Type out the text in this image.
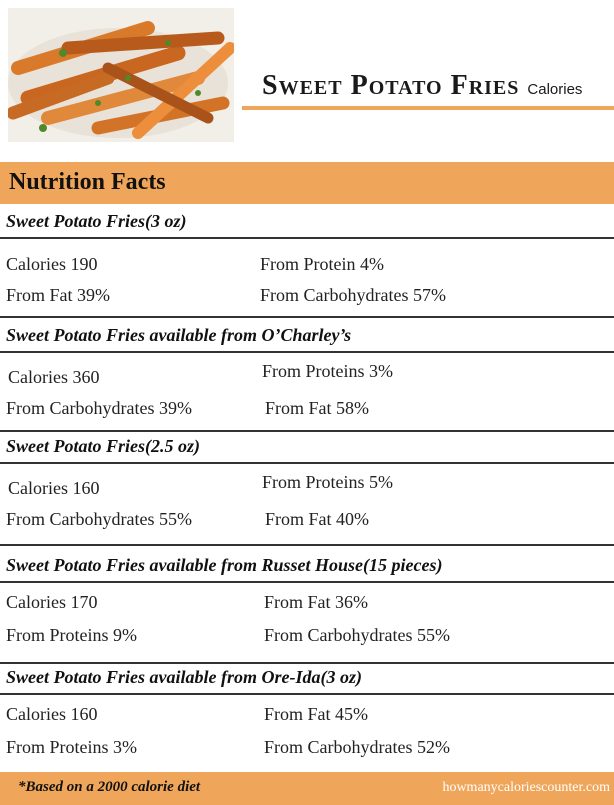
Sweet Potato Fries Calories
Nutrition Facts
Sweet Potato Fries(3 oz)
Calories 190
From Fat 39%
From Protein 4%
From Carbohydrates 57%
Sweet Potato Fries available from O’Charley’s
Calories 360
From Carbohydrates 39%
From Proteins 3%
From Fat 58%
Sweet Potato Fries(2.5 oz)
Calories 160
From Carbohydrates 55%
From Proteins 5%
From Fat 40%
Sweet Potato Fries available from Russet House(15 pieces)
Calories 170
From Proteins 9%
From Fat 36%
From Carbohydrates 55%
Sweet Potato Fries available from Ore-Ida(3 oz)
Calories 160
From Proteins 3%
From Fat 45%
From Carbohydrates 52%
*Based on a 2000 calorie diet	howmanycaloriescounter.com
